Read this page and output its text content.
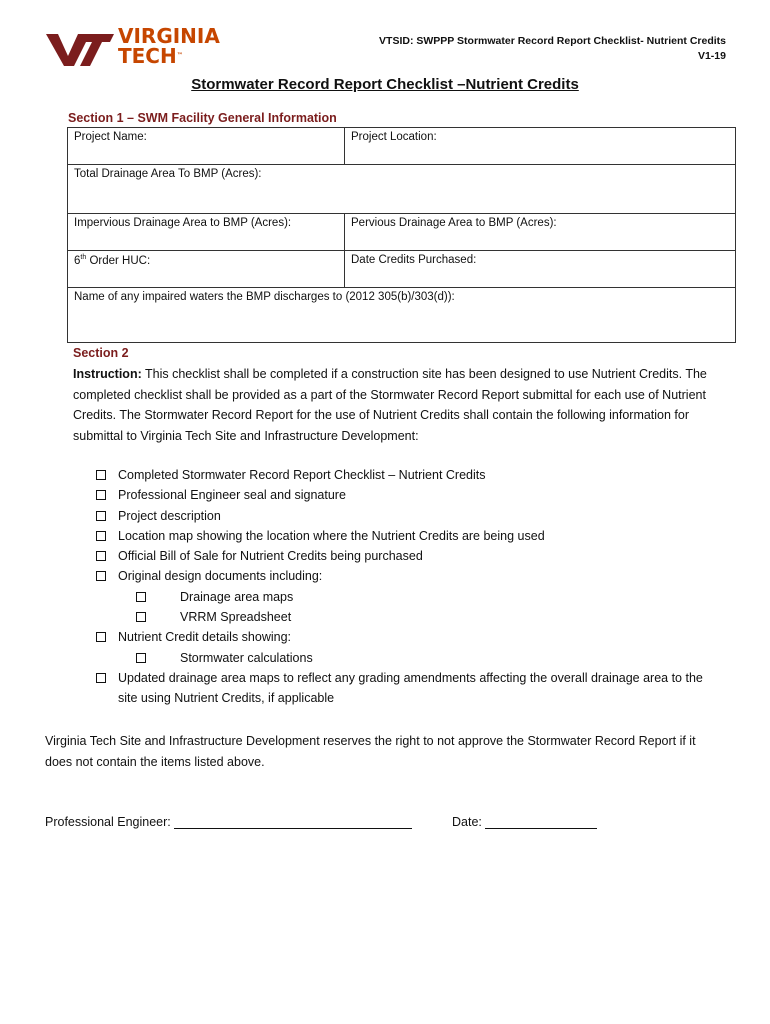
VIRGINIA
TECH™
VTSID: SWPPP Stormwater Record Report Checklist- Nutrient Credits
V1-19
Stormwater Record Report Checklist –Nutrient Credits
Section 1 – SWM Facility General Information
Project Name:	Project Location:
Total Drainage Area To BMP (Acres):	
Impervious Drainage Area to BMP (Acres):	Pervious Drainage Area to BMP (Acres):
6th Order HUC:	Date Credits Purchased:
Name of any impaired waters the BMP discharges to (2012 305(b)/303(d)):	
Section 2
Instruction: This checklist shall be completed if a construction site has been designed to use Nutrient Credits. The completed checklist shall be provided as a part of the Stormwater Record Report submittal for each use of Nutrient Credits. The Stormwater Record Report for the use of Nutrient Credits shall contain the following information for submittal to Virginia Tech Site and Infrastructure Development:
Completed Stormwater Record Report Checklist – Nutrient Credits
Professional Engineer seal and signature
Project description
Location map showing the location where the Nutrient Credits are being used
Official Bill of Sale for Nutrient Credits being purchased
Original design documents including:
Drainage area maps
VRRM Spreadsheet
Nutrient Credit details showing:
Stormwater calculations
Updated drainage area maps to reflect any grading amendments affecting the overall drainage area to the site using Nutrient Credits, if applicable
Virginia Tech Site and Infrastructure Development reserves the right to not approve the Stormwater Record Report if it does not contain the items listed above.
Professional Engineer:	Date:
